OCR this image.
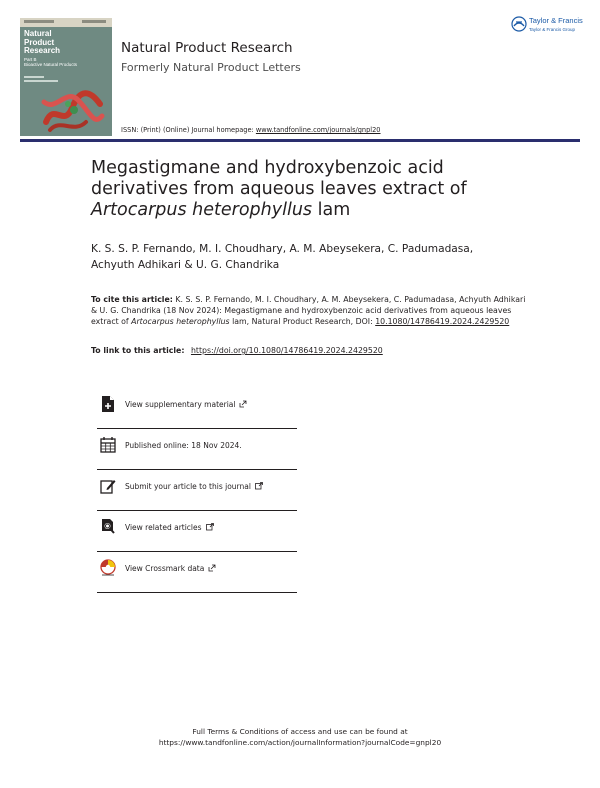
Natural
Product
Research
Part B
Bioactive Natural Products
Taylor & Francis
Taylor & Francis Group
Natural Product Research
Formerly Natural Product Letters
ISSN: (Print) (Online) Journal homepage: www.tandfonline.com/journals/gnpl20
Megastigmane and hydroxybenzoic acid
derivatives from aqueous leaves extract of
Artocarpus heterophyllus lam
K. S. S. P. Fernando, M. I. Choudhary, A. M. Abeysekera, C. Padumadasa,
Achyuth Adhikari & U. G. Chandrika
To cite this article: K. S. S. P. Fernando, M. I. Choudhary, A. M. Abeysekera, C. Padumadasa, Achyuth Adhikari & U. G. Chandrika (18 Nov 2024): Megastigmane and hydroxybenzoic acid derivatives from aqueous leaves extract of Artocarpus heterophyllus lam, Natural Product Research, DOI: 10.1080/14786419.2024.2429520
To link to this article: https://doi.org/10.1080/14786419.2024.2429520
View supplementary material
Published online: 18 Nov 2024.
Submit your article to this journal
View related articles
View Crossmark data
Full Terms & Conditions of access and use can be found at
https://www.tandfonline.com/action/journalInformation?journalCode=gnpl20
